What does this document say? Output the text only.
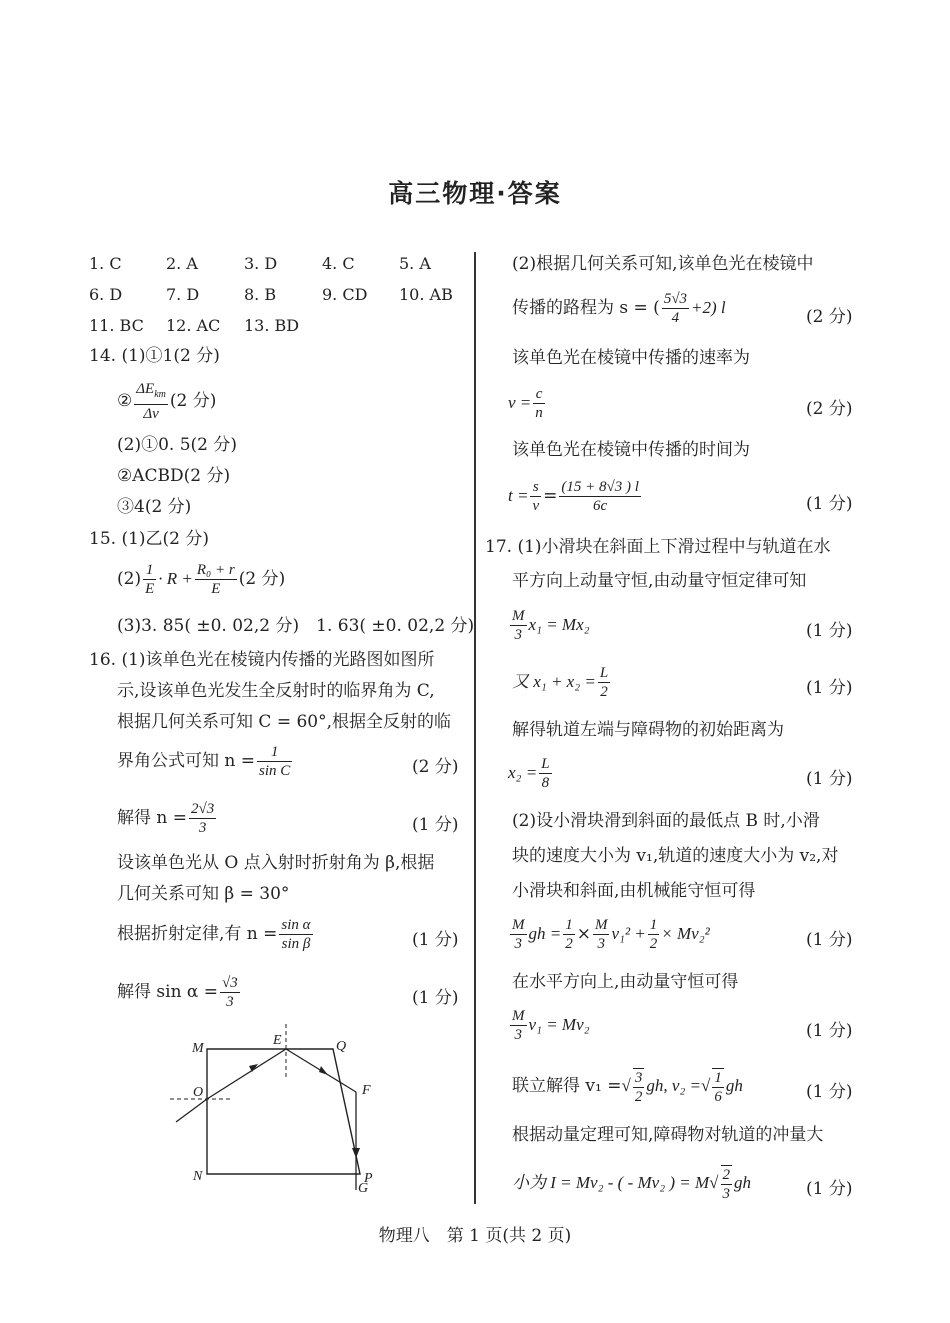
高三物理·答案
1. C	2. A	3. D	4. C	5. A
6. D	7. D	8. B	9. CD 10. AB
11. BC 12. AC 13. BD
14. (1)①1(2 分)
② $\frac{\Delta E_{km}}{\Delta\nu} (2$ 分)
(2)①0. 5(2 分)
②ACBD(2 分)
③4(2 分)
15. (1)乙(2 分)
$(2) \frac{1}{E} \cdot R + \frac{\text{R₀ + r}}{E} (2$ 分)
(3)3. 85( ±0. 02,2 分)　1. 63( ±0. 02,2 分)
16. (1)该单色光在棱镜内传播的光路图如图所
示,设该单色光发生全反射时的临界角为 C,
根据几何关系可知 C = 60°,根据全反射的临
界角公式可知 $n = \frac{1}{\text{sin C}}$	(2 分)
解得 $n = \frac{2√3}{3}$	(1 分)
设该单色光从 O 点入射时折射角为 β,根据
几何关系可知 β = 30°
根据折射定律,有 $n = \frac{\text{sin α}}{\text{sin β}}$	(1 分)
解得 $\sin \alpha = \frac{√3}{3}$	(1 分)
M
E	Q
O	F
N	P
G
(2)根据几何关系可知,该单色光在棱镜中
传播的路程为 s = ( $\frac{5√3}{4} +2$) l	(2 分)
该单色光在棱镜中传播的速率为
$v = \frac{c}{n}$	(2 分)
该单色光在棱镜中传播的时间为
$t = \frac{s}{v} = \frac{(15 + 8√3 ) l}{6c}$	(1 分)
17. (1)小滑块在斜面上下滑过程中与轨道在水
平方向上动量守恒,由动量守恒定律可知
$\frac{M}{3} x_1 = Mx_2$	(1 分)
又 $x_1 + x_2 = \frac{L}{2}$	(1 分)
解得轨道左端与障碍物的初始距离为
$x_2 = \frac{L}{8}$	(1 分)
(2)设小滑块滑到斜面的最低点 B 时,小滑
块的速度大小为 v₁,轨道的速度大小为 v₂,对
小滑块和斜面,由机械能守恒可得
$\frac{M}{3}$ gh = $\frac{1}{2} \times \frac{M}{3} v_1^2 + \frac{1}{2} \times Mv_2^2$	(1 分)
在水平方向上,由动量守恒可得
$\frac{M}{3} v_1 = Mv_2$	(1 分)
联立解得 v₁ =√ $\frac{3}{2}$ gh, v₂ =√ $\frac{1}{6}$ gh	(1 分)
根据动量定理可知,障碍物对轨道的冲量大
小为 I = Mv₂ - ( - Mv₂ ) = $M√ \frac{2}{3}$ gh	(1 分)
物理八　第 1 页(共 2 页)
